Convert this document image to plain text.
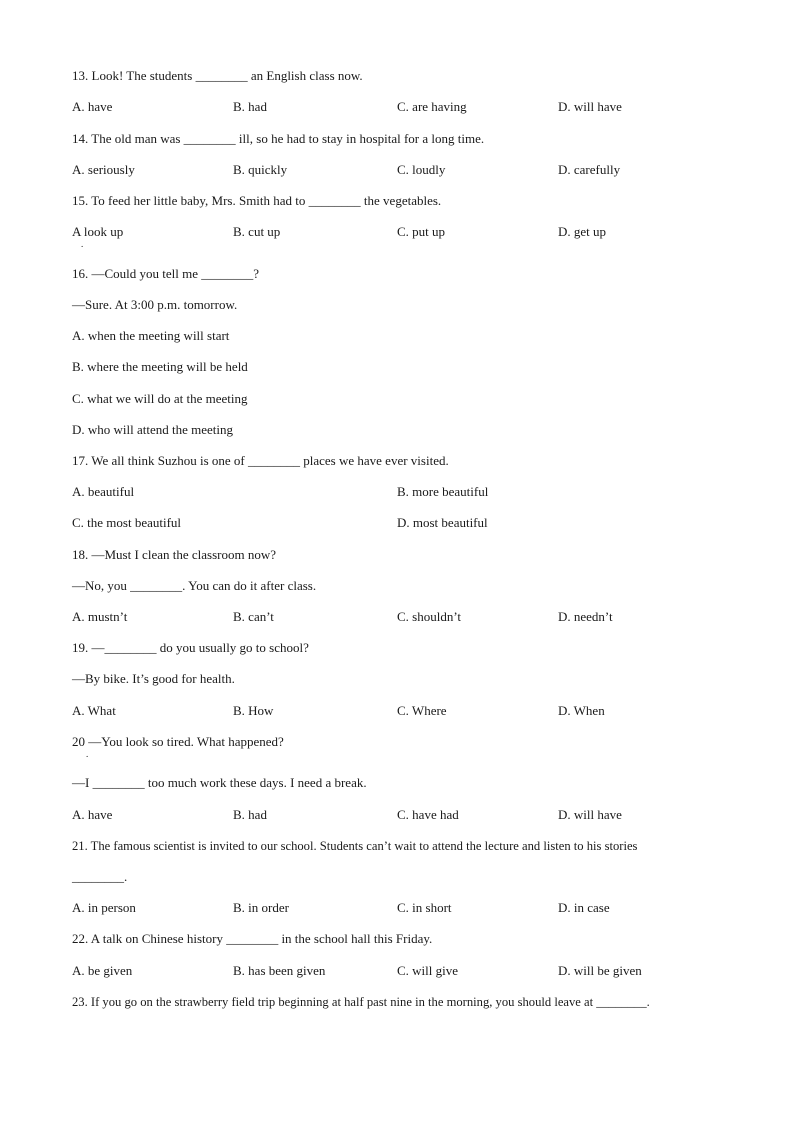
13. Look! The students ________ an English class now.
A. have	B. had	C. are having	D. will have
14. The old man was ________ ill, so he had to stay in hospital for a long time.
A. seriously	B. quickly	C. loudly	D. carefully
15. To feed her little baby, Mrs. Smith had to ________ the vegetables.
A look up	B. cut up	C. put up	D. get up
.
16. —Could you tell me ________?
—Sure. At 3:00 p.m. tomorrow.
A. when the meeting will start
B. where the meeting will be held
C. what we will do at the meeting
D. who will attend the meeting
17. We all think Suzhou is one of ________ places we have ever visited.
A. beautiful	B. more beautiful
C. the most beautiful	D. most beautiful
18. —Must I clean the classroom now?
—No, you ________. You can do it after class.
A. mustn’t	B. can’t	C. shouldn’t	D. needn’t
19. —________ do you usually go to school?
—By bike. It’s good for health.
A. What	B. How	C. Where	D. When
20 —You look so tired. What happened?
.
—I ________ too much work these days. I need a break.
A. have	B. had	C. have had	D. will have
21. The famous scientist is invited to our school. Students can’t wait to attend the lecture and listen to his stories
________.
A. in person	B. in order	C. in short	D. in case
22. A talk on Chinese history ________ in the school hall this Friday.
A. be given	B. has been given	C. will give	D. will be given
23. If you go on the strawberry field trip beginning at half past nine in the morning, you should leave at ________.
